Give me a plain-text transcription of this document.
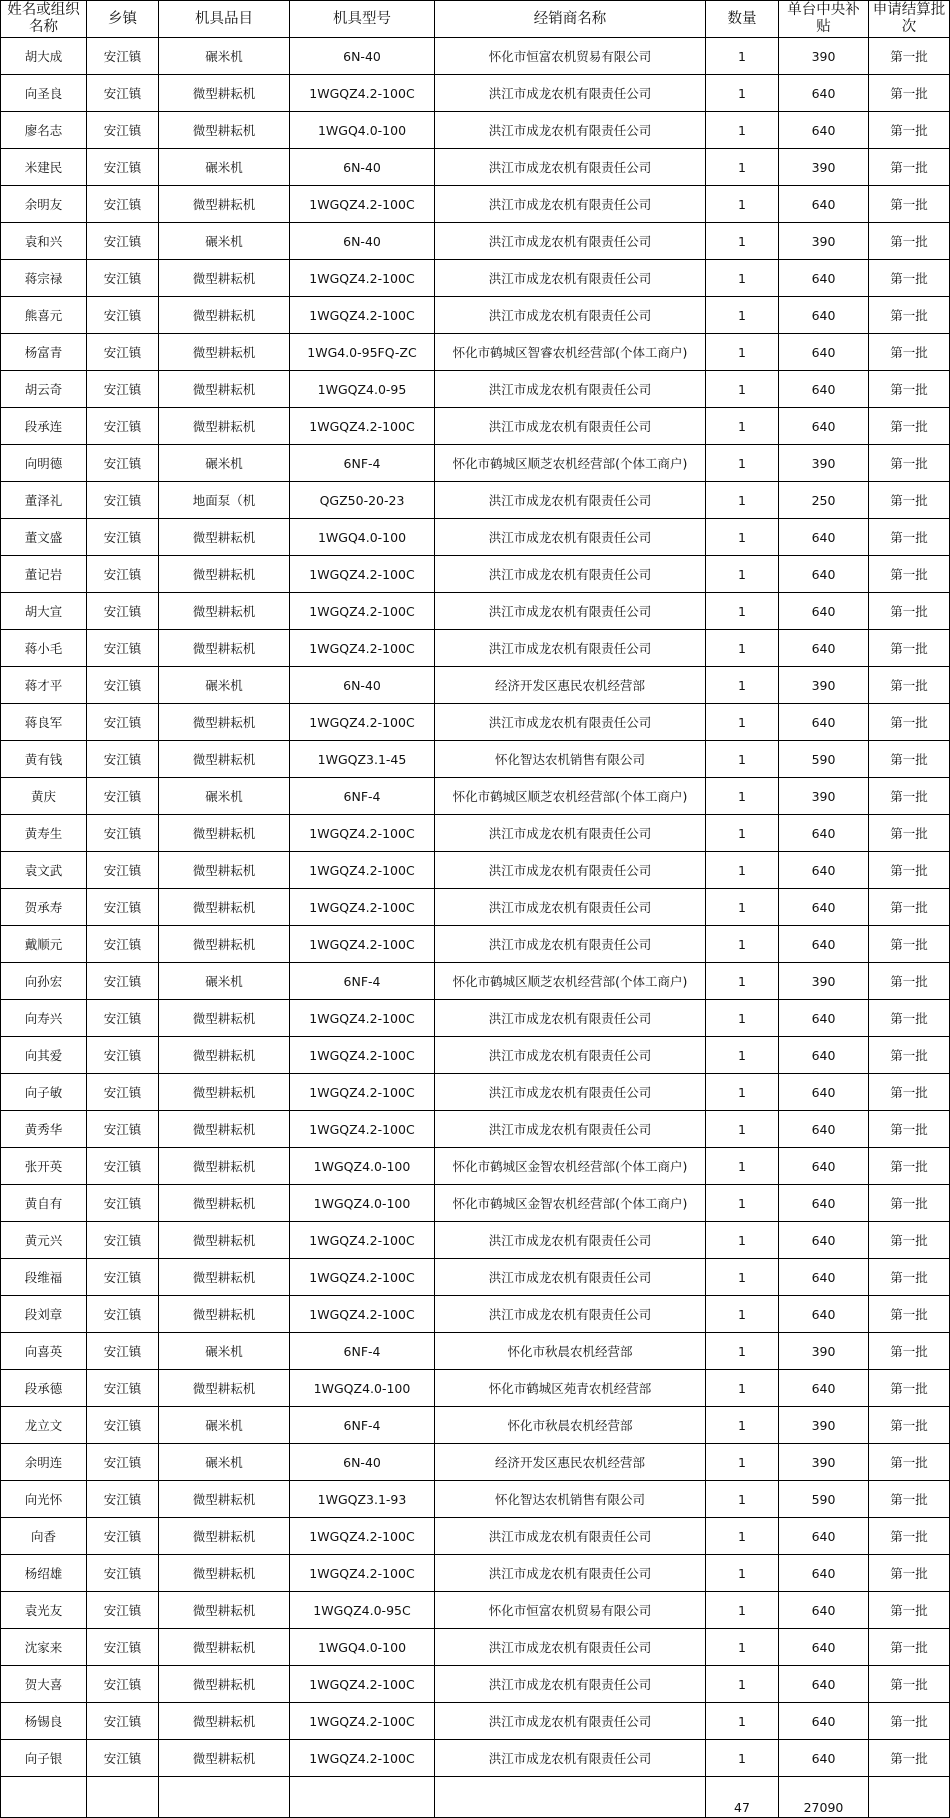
姓名或组织名称	乡镇	机具品目	机具型号	经销商名称	数量	单台中央补贴	申请结算批次
胡大成	安江镇	碾米机	6N-40	怀化市恒富农机贸易有限公司	1	390	第一批
向圣良	安江镇	微型耕耘机	1WGQZ4.2-100C	洪江市成龙农机有限责任公司	1	640	第一批
廖名志	安江镇	微型耕耘机	1WGQ4.0-100	洪江市成龙农机有限责任公司	1	640	第一批
米建民	安江镇	碾米机	6N-40	洪江市成龙农机有限责任公司	1	390	第一批
余明友	安江镇	微型耕耘机	1WGQZ4.2-100C	洪江市成龙农机有限责任公司	1	640	第一批
袁和兴	安江镇	碾米机	6N-40	洪江市成龙农机有限责任公司	1	390	第一批
蒋宗禄	安江镇	微型耕耘机	1WGQZ4.2-100C	洪江市成龙农机有限责任公司	1	640	第一批
熊喜元	安江镇	微型耕耘机	1WGQZ4.2-100C	洪江市成龙农机有限责任公司	1	640	第一批
杨富青	安江镇	微型耕耘机	1WG4.0-95FQ-ZC	怀化市鹤城区智睿农机经营部(个体工商户)	1	640	第一批
胡云奇	安江镇	微型耕耘机	1WGQZ4.0-95	洪江市成龙农机有限责任公司	1	640	第一批
段承连	安江镇	微型耕耘机	1WGQZ4.2-100C	洪江市成龙农机有限责任公司	1	640	第一批
向明德	安江镇	碾米机	6NF-4	怀化市鹤城区顺芝农机经营部(个体工商户)	1	390	第一批
董泽礼	安江镇	地面泵（机	QGZ50-20-23	洪江市成龙农机有限责任公司	1	250	第一批
董文盛	安江镇	微型耕耘机	1WGQ4.0-100	洪江市成龙农机有限责任公司	1	640	第一批
董记岩	安江镇	微型耕耘机	1WGQZ4.2-100C	洪江市成龙农机有限责任公司	1	640	第一批
胡大宣	安江镇	微型耕耘机	1WGQZ4.2-100C	洪江市成龙农机有限责任公司	1	640	第一批
蒋小毛	安江镇	微型耕耘机	1WGQZ4.2-100C	洪江市成龙农机有限责任公司	1	640	第一批
蒋才平	安江镇	碾米机	6N-40	经济开发区惠民农机经营部	1	390	第一批
蒋良军	安江镇	微型耕耘机	1WGQZ4.2-100C	洪江市成龙农机有限责任公司	1	640	第一批
黄有钱	安江镇	微型耕耘机	1WGQZ3.1-45	怀化智达农机销售有限公司	1	590	第一批
黄庆	安江镇	碾米机	6NF-4	怀化市鹤城区顺芝农机经营部(个体工商户)	1	390	第一批
黄寿生	安江镇	微型耕耘机	1WGQZ4.2-100C	洪江市成龙农机有限责任公司	1	640	第一批
袁文武	安江镇	微型耕耘机	1WGQZ4.2-100C	洪江市成龙农机有限责任公司	1	640	第一批
贺承寿	安江镇	微型耕耘机	1WGQZ4.2-100C	洪江市成龙农机有限责任公司	1	640	第一批
戴顺元	安江镇	微型耕耘机	1WGQZ4.2-100C	洪江市成龙农机有限责任公司	1	640	第一批
向孙宏	安江镇	碾米机	6NF-4	怀化市鹤城区顺芝农机经营部(个体工商户)	1	390	第一批
向寿兴	安江镇	微型耕耘机	1WGQZ4.2-100C	洪江市成龙农机有限责任公司	1	640	第一批
向其爱	安江镇	微型耕耘机	1WGQZ4.2-100C	洪江市成龙农机有限责任公司	1	640	第一批
向子敏	安江镇	微型耕耘机	1WGQZ4.2-100C	洪江市成龙农机有限责任公司	1	640	第一批
黄秀华	安江镇	微型耕耘机	1WGQZ4.2-100C	洪江市成龙农机有限责任公司	1	640	第一批
张开英	安江镇	微型耕耘机	1WGQZ4.0-100	怀化市鹤城区金智农机经营部(个体工商户)	1	640	第一批
黄自有	安江镇	微型耕耘机	1WGQZ4.0-100	怀化市鹤城区金智农机经营部(个体工商户)	1	640	第一批
黄元兴	安江镇	微型耕耘机	1WGQZ4.2-100C	洪江市成龙农机有限责任公司	1	640	第一批
段维福	安江镇	微型耕耘机	1WGQZ4.2-100C	洪江市成龙农机有限责任公司	1	640	第一批
段刘章	安江镇	微型耕耘机	1WGQZ4.2-100C	洪江市成龙农机有限责任公司	1	640	第一批
向喜英	安江镇	碾米机	6NF-4	怀化市秋晨农机经营部	1	390	第一批
段承德	安江镇	微型耕耘机	1WGQZ4.0-100	怀化市鹤城区苑青农机经营部	1	640	第一批
龙立文	安江镇	碾米机	6NF-4	怀化市秋晨农机经营部	1	390	第一批
余明连	安江镇	碾米机	6N-40	经济开发区惠民农机经营部	1	390	第一批
向光怀	安江镇	微型耕耘机	1WGQZ3.1-93	怀化智达农机销售有限公司	1	590	第一批
向香	安江镇	微型耕耘机	1WGQZ4.2-100C	洪江市成龙农机有限责任公司	1	640	第一批
杨绍雄	安江镇	微型耕耘机	1WGQZ4.2-100C	洪江市成龙农机有限责任公司	1	640	第一批
袁光友	安江镇	微型耕耘机	1WGQZ4.0-95C	怀化市恒富农机贸易有限公司	1	640	第一批
沈家来	安江镇	微型耕耘机	1WGQ4.0-100	洪江市成龙农机有限责任公司	1	640	第一批
贺大喜	安江镇	微型耕耘机	1WGQZ4.2-100C	洪江市成龙农机有限责任公司	1	640	第一批
杨锡良	安江镇	微型耕耘机	1WGQZ4.2-100C	洪江市成龙农机有限责任公司	1	640	第一批
向子银	安江镇	微型耕耘机	1WGQZ4.2-100C	洪江市成龙农机有限责任公司	1	640	第一批
					47	27090	
